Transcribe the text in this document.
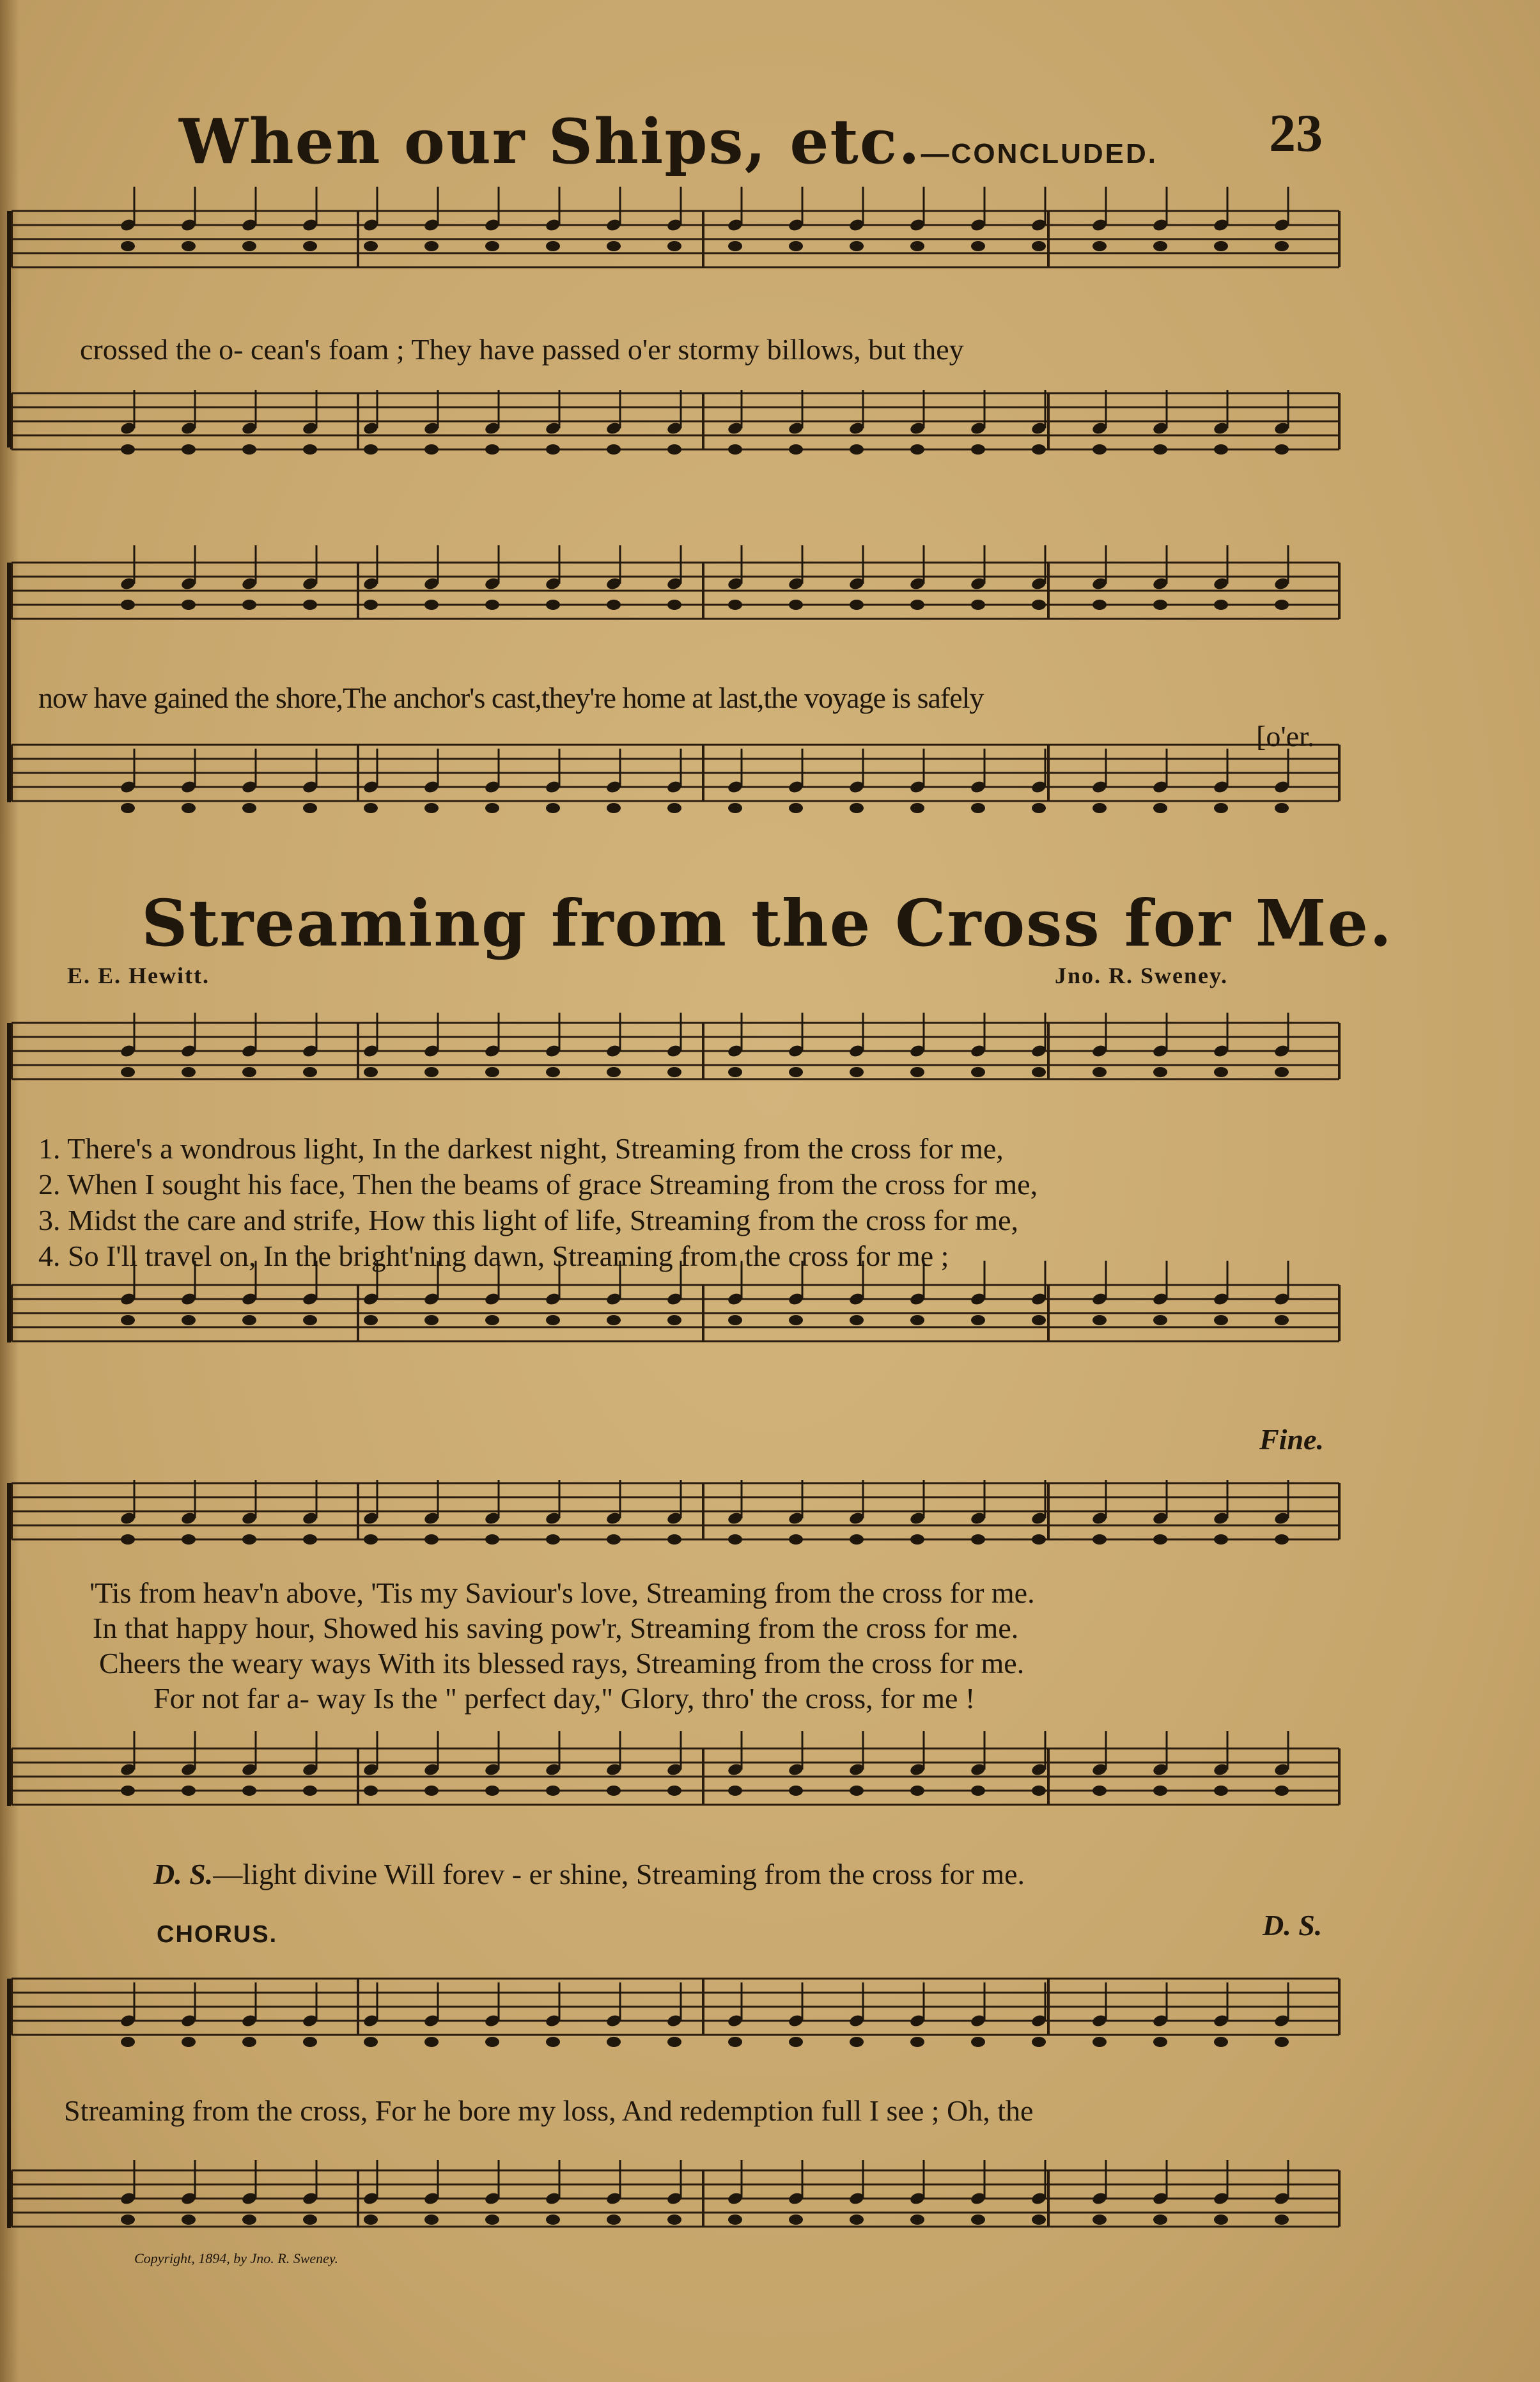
When our Ships, etc.—CONCLUDED.	23
crossed the o- cean's foam ; They have passed o'er stormy billows, but they
now have gained the shore,The anchor's cast,they're home at last,the voyage is safely
[o'er.
Streaming from the Cross for Me.
E. E. Hewitt.	Jno. R. Sweney.
1. There's a wondrous light, In the darkest night, Streaming from the cross for me,
2. When I sought his face, Then the beams of grace Streaming from the cross for me,
3. Midst the care and strife, How this light of life, Streaming from the cross for me,
4. So I'll travel on, In the bright'ning dawn, Streaming from the cross for me ;
Fine.
'Tis from heav'n above, 'Tis my Saviour's love, Streaming from the cross for me.
In that happy hour, Showed his saving pow'r, Streaming from the cross for me.
Cheers the weary ways With its blessed rays, Streaming from the cross for me.
For not far a- way Is the " perfect day," Glory, thro' the cross, for me !
D. S.—light divine Will forev - er shine, Streaming from the cross for me.
CHORUS.	D. S.
Streaming from the cross, For he bore my loss, And redemption full I see ; Oh, the
Copyright, 1894, by Jno. R. Sweney.
